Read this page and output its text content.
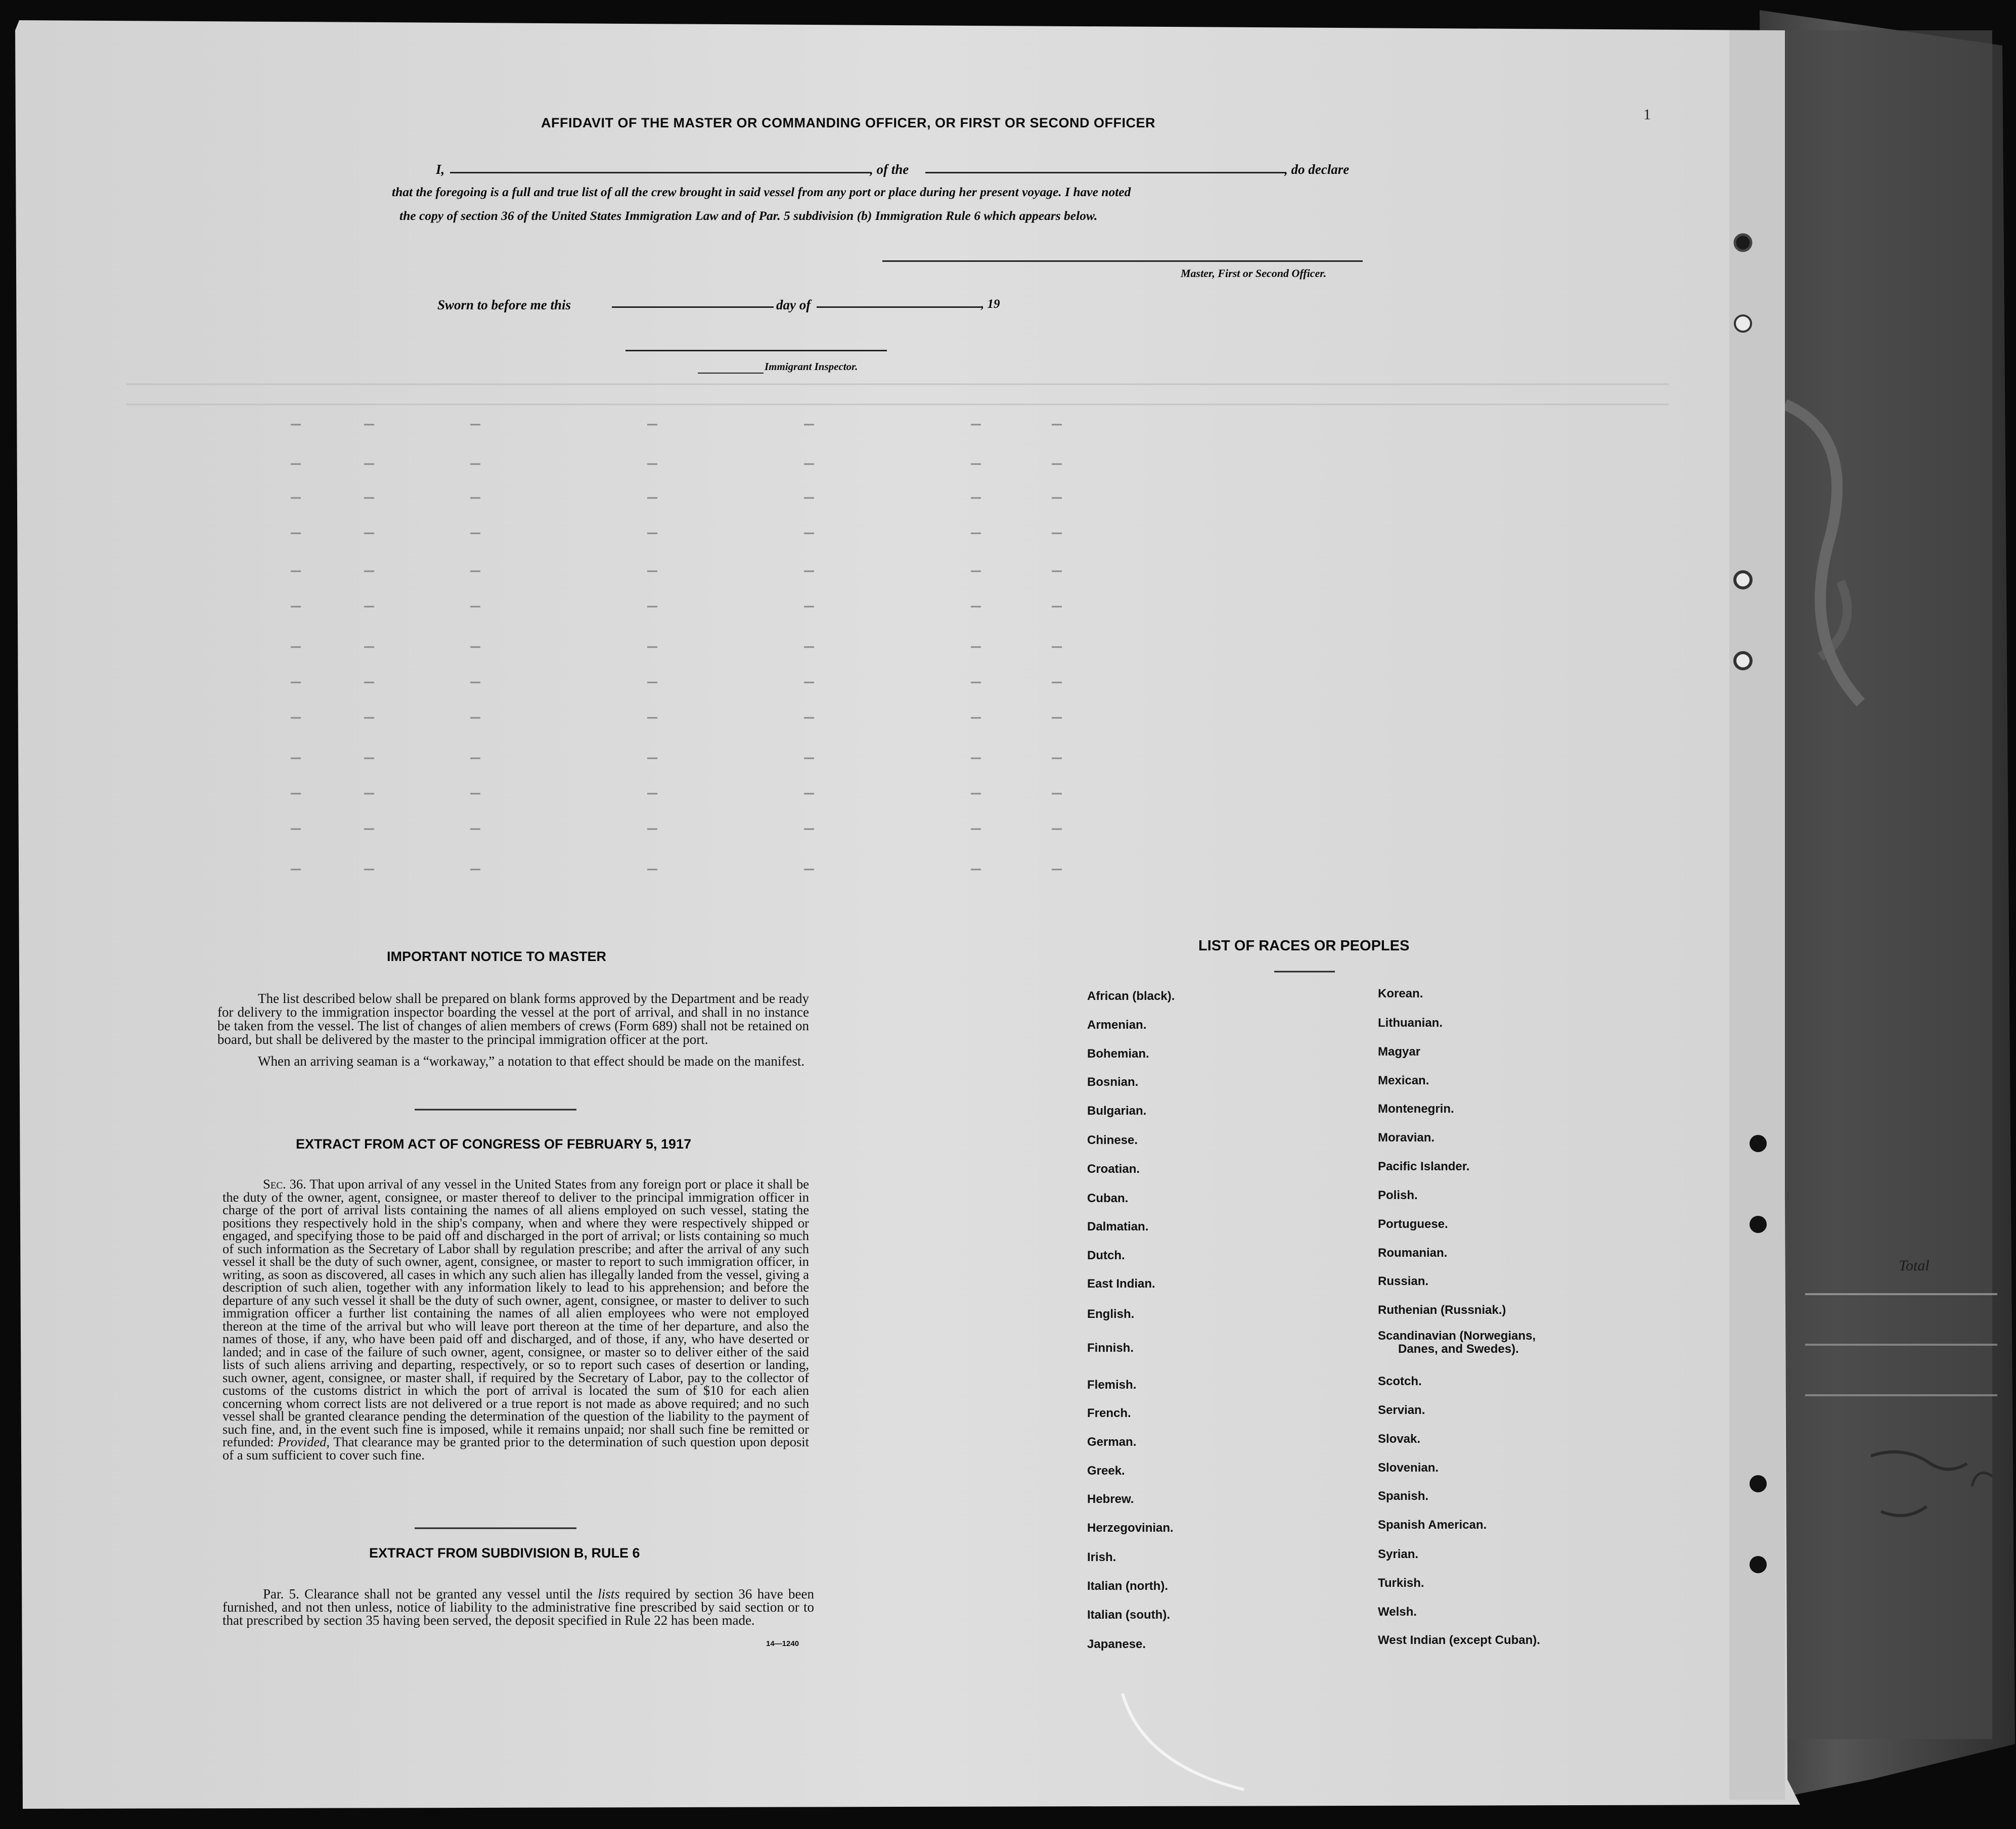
AFFIDAVIT OF THE MASTER OR COMMANDING OFFICER, OR FIRST OR SECOND OFFICER
I,	, of the	, do declare
that the foregoing is a full and true list of all the crew brought in said vessel from any port or place during her present voyage. I have noted
the copy of section 36 of the United States Immigration Law and of Par. 5 subdivision (b) Immigration Rule 6 which appears below.
Master, First or Second Officer.
Sworn to before me this	day of	, 19
Immigrant Inspector.
1
IMPORTANT NOTICE TO MASTER

The list described below shall be prepared on blank forms approved by the Department and be ready for delivery to the immigration inspector boarding the vessel at the port of arrival, and shall in no instance be taken from the vessel. The list of changes of alien members of crews (Form 689) shall not be retained on board, but shall be delivered by the master to the principal immigration officer at the port.

When an arriving seaman is a “workaway,” a notation to that effect should be made on the manifest.

EXTRACT FROM ACT OF CONGRESS OF FEBRUARY 5, 1917

Sec. 36. That upon arrival of any vessel in the United States from any foreign port or place it shall be the duty of the owner, agent, consignee, or master thereof to deliver to the principal immigration officer in charge of the port of arrival lists containing the names of all aliens employed on such vessel, stating the positions they respectively hold in the ship's company, when and where they were respectively shipped or engaged, and specifying those to be paid off and discharged in the port of arrival; or lists containing so much of such information as the Secretary of Labor shall by regulation prescribe; and after the arrival of any such vessel it shall be the duty of such owner, agent, consignee, or master to report to such immigration officer, in writing, as soon as discovered, all cases in which any such alien has illegally landed from the vessel, giving a description of such alien, together with any information likely to lead to his apprehension; and before the departure of any such vessel it shall be the duty of such owner, agent, consignee, or master to deliver to such immigration officer a further list containing the names of all alien employees who were not employed thereon at the time of the arrival but who will leave port thereon at the time of her departure, and also the names of those, if any, who have been paid off and discharged, and of those, if any, who have deserted or landed; and in case of the failure of such owner, agent, consignee, or master so to deliver either of the said lists of such aliens arriving and departing, respectively, or so to report such cases of desertion or landing, such owner, agent, consignee, or master shall, if required by the Secretary of Labor, pay to the collector of customs of the customs district in which the port of arrival is located the sum of $10 for each alien concerning whom correct lists are not delivered or a true report is not made as above required; and no such vessel shall be granted clearance pending the determination of the question of the liability to the payment of such fine, and, in the event such fine is imposed, while it remains unpaid; nor shall such fine be remitted or refunded: Provided, That clearance may be granted prior to the determination of such question upon deposit of a sum sufficient to cover such fine.

EXTRACT FROM SUBDIVISION B, RULE 6

Par. 5. Clearance shall not be granted any vessel until the lists required by section 36 have been furnished, and not then unless, notice of liability to the administrative fine prescribed by said section or to that prescribed by section 35 having been served, the deposit specified in Rule 22 has been made.

14—1240
LIST OF RACES OR PEOPLES
African (black).
Armenian.
Bohemian.
Bosnian.
Bulgarian.
Chinese.
Croatian.
Cuban.
Dalmatian.
Dutch.
East Indian.
English.
Finnish.
Flemish.
French.
German.
Greek.
Hebrew.
Herzegovinian.
Irish.
Italian (north).
Italian (south).
Japanese.
Korean.
Lithuanian.
Magyar
Mexican.
Montenegrin.
Moravian.
Pacific Islander.
Polish.
Portuguese.
Roumanian.
Russian.
Ruthenian (Russniak.)
Scandinavian (Norwegians,
Danes, and Swedes).
Scotch.
Servian.
Slovak.
Slovenian.
Spanish.
Spanish American.
Syrian.
Turkish.
Welsh.
West Indian (except Cuban).
Total
